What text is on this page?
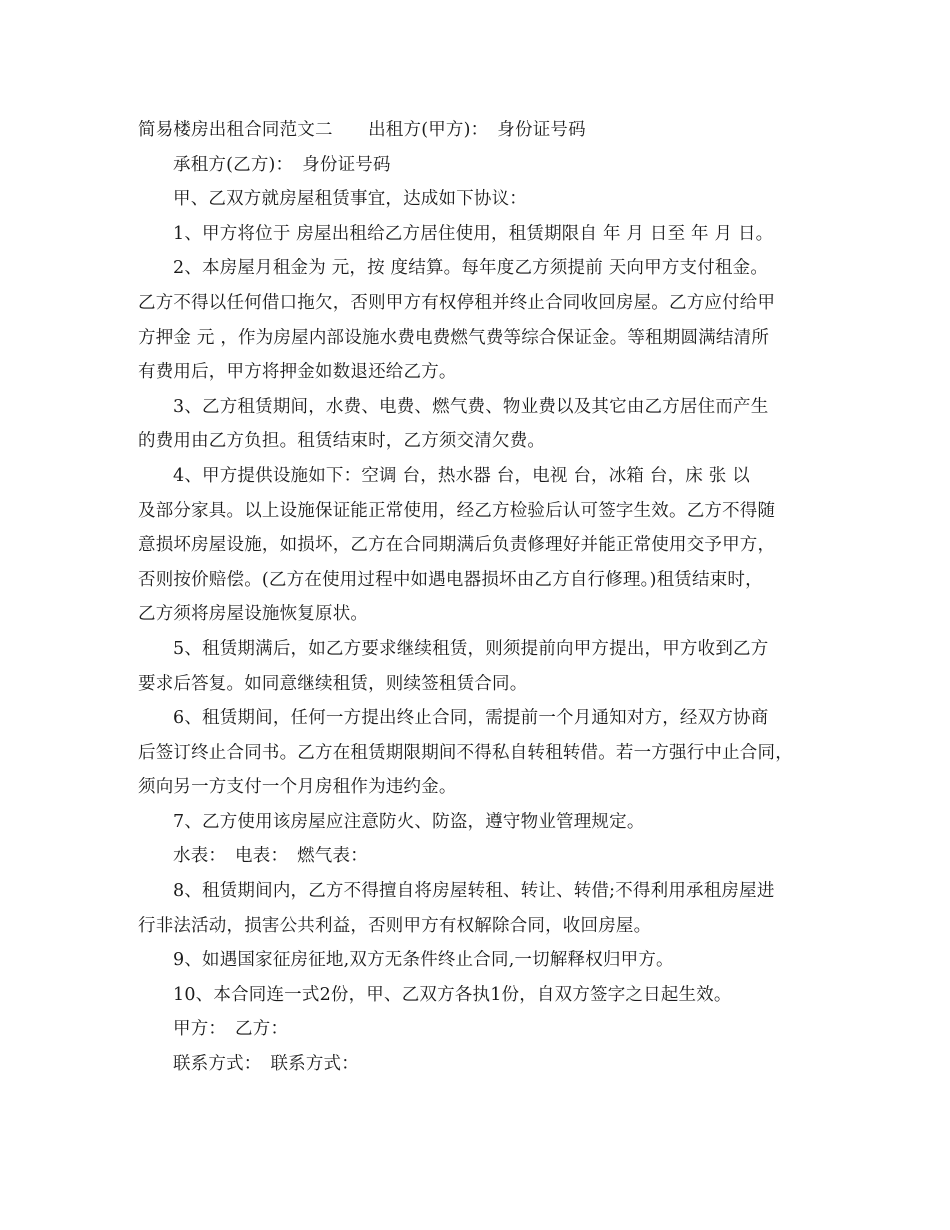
简易楼房出租合同范文二　　出租方(甲方)：　身份证号码
承租方(乙方)：　身份证号码
甲、乙双方就房屋租赁事宜，达成如下协议：
1、甲方将位于 房屋出租给乙方居住使用，租赁期限自 年 月 日至 年 月 日。
2、本房屋月租金为 元，按 度结算。每年度乙方须提前 天向甲方支付租金。
乙方不得以任何借口拖欠，否则甲方有权停租并终止合同收回房屋。乙方应付给甲
方押金 元 ，作为房屋内部设施水费电费燃气费等综合保证金。等租期圆满结清所
有费用后，甲方将押金如数退还给乙方。
3、乙方租赁期间，水费、电费、燃气费、物业费以及其它由乙方居住而产生
的费用由乙方负担。租赁结束时，乙方须交清欠费。
4、甲方提供设施如下：空调 台，热水器 台，电视 台，冰箱 台，床 张 以
及部分家具。以上设施保证能正常使用，经乙方检验后认可签字生效。乙方不得随
意损坏房屋设施，如损坏，乙方在合同期满后负责修理好并能正常使用交予甲方，
否则按价赔偿。(乙方在使用过程中如遇电器损坏由乙方自行修理。)租赁结束时，
乙方须将房屋设施恢复原状。
5、租赁期满后，如乙方要求继续租赁，则须提前向甲方提出，甲方收到乙方
要求后答复。如同意继续租赁，则续签租赁合同。
6、租赁期间，任何一方提出终止合同，需提前一个月通知对方，经双方协商
后签订终止合同书。乙方在租赁期限期间不得私自转租转借。若一方强行中止合同，
须向另一方支付一个月房租作为违约金。
7、乙方使用该房屋应注意防火、防盗，遵守物业管理规定。
水表：　电表：　燃气表：
8、租赁期间内，乙方不得擅自将房屋转租、转让、转借;不得利用承租房屋进
行非法活动，损害公共利益，否则甲方有权解除合同，收回房屋。
9、如遇国家征房征地,双方无条件终止合同,一切解释权归甲方。
10、本合同连一式2份，甲、乙双方各执1份，自双方签字之日起生效。
甲方：　乙方：
联系方式：　联系方式：
